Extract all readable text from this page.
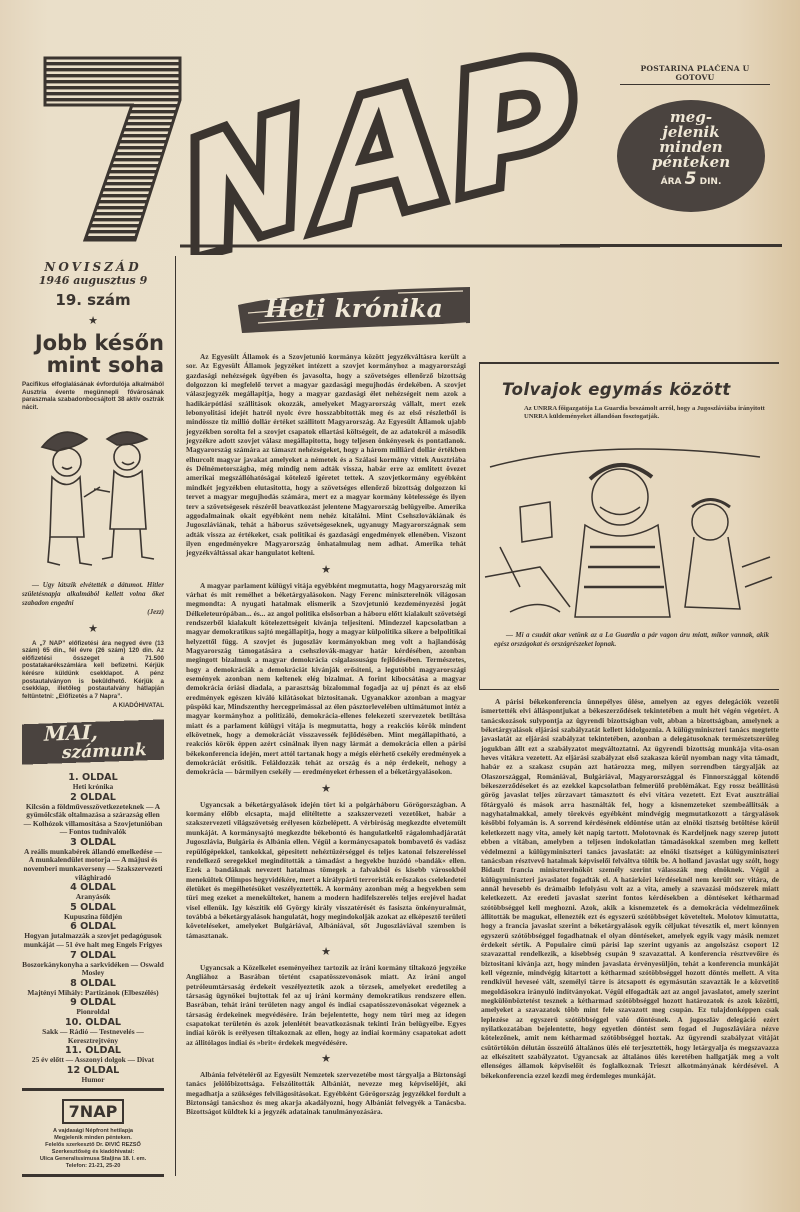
POSTARINA PLAĆENA U GOTOVU
meg-
jelenik
minden
pénteken
ÁRA 5 DIN.
NOVISZÁD
1946 augusztus 9
19. szám
★
Jobb későn mint soha
Pacifikus elfoglalásának évfordulója alkalmából Ausztria évente megünnepli fővárosának paraszmala szabadonbocsájtott 38 aktív osztrák nácit.
— Ugy látszik elvétették a dátumot. Hitler születésnapja alkalmából kellett volna őket szabadon engedni
(Jezz)
★
A „7 NAP” előfizetési ára negyed évre (13 szám) 65 din., fél évre (26 szám) 120 din. Az előfizetési összeget a 71.500 postatakarékszámlára kell befizetni. Kérjük kérésre küldünk csekklapot. A pénz postautalványon is beküldhető. Kérjük a csekklap, illetőleg postautalvány hátlapján feltüntetni: „Előfizetés a 7 Napra”.
A KIADÓHIVATAL
MAI,
számunk
1. OLDAL
Heti krónika
2 OLDAL
Kilcsön a földművesszövetkezeteknek — A gyümölcsfák oltalmazása a szárazság ellen — Kolhózok villamosítása a Szovjetunióban — Fontos tudnivalók
3 OLDAL
A reális munkabérek állandó emelkedése — A munkalendület motorja — A májusi és novemberi munkaverseny — Szakszervezeti világhiradó
4 OLDAL
Aranyásók
5 OLDAL
Kupuszina földjén
6 OLDAL
Hogyan jutalmazzák a szovjet pedagógusok munkáját — 51 éve halt meg Engels Frigyes
7 OLDAL
Boszorkánykonyha a sarkvidéken — Oswald Mosley
8 OLDAL
Majtényi Mihály: Partizánok (Elbeszélés)
9 OLDAL
Pionroldal
10. OLDAL
Sakk — Rádió — Testnevelés — Keresztrejtvény
11. OLDAL
25 év előtt — Asszonyi dolgok — Divat
12 OLDAL
Humor
7NAP

A vajdasági Népfront hetilapja

Megjelenik minden pénteken.

Felelős szerkesztő Dr. ĐIVIĆ REZSŐ

Szerkesztőség és kiadóhivatal:

Ulica Generalissimusa Staljina 18. I. em.

Telefon: 21-21, 25-20

Heti krónika
Az Egyesült Államok és a Szovjetunió kormánya között jegyzékváltásra került a sor. Az Egyesült Államok jegyzéket intézett a szovjet kormányhoz a magyarországi gazdasági nehézségek ügyében és javasolta, hogy a szövetséges ellenőrző bizottság dolgozzon ki megfelelő tervet a magyar gazdasági megujhodás érdekében. A szovjet válaszjegyzék megállapitja, hogy a magyar gazdasági élet nehézségeit nem azok a hadikárpótlási szállitások okozzák, amelyeket Magyarország vállalt, mert ezek lebonyolitási idejét hatról nyolc évre hosszabbitották meg és az első részletből is mindössze tiz millió dollár értéket szállitott Magyarország. Az Egyesült Államok ujabb jegyzékben sorolta fel a szovjet csapatok ellartási költségeit, de az adatokról a második jegyzékre adott szovjet válasz megállapitotta, hogy teljesen önkényesek és pontatlanok. Magyarország számára az támaszt nehézségeket, hogy a három milliárd dollár értékben elhurcolt magyar javakat amelyeket a németek és a Szálasi kormány vittek Ausztriába és Délnémetországba, még mindig nem adták vissza, habár erre az emlitett övezet amerikai megszállóhatóságai kötelező igéretet tettek. A szovjetkormány egyébként mindkét jegyzékben elutasitotta, hogy a szövetséges ellenőrző bizottság dolgozzon ki tervet a magyar megujhodás számára, mert ez a magyar kormány kötelessége és ilyen terv a szövetségesek részéről beavatkozást jelentene Magyarország belügyeibe. Amerika aggodalmainak okait egyébként nem nehéz kitalálni. Mint Csehszlovákiának és Jugoszláviának, tehát a háborus szövetségeseknek, ugyanugy Magyarországnak sem adták vissza az értékeket, csak politikai és gazdasági engedmények ellenében. Viszont ilyen engedményekre Magyarország önhatalmulag nem adhat. Amerika tehát jegyzékváltással akar hangulatot kelteni.
★
A magyar parlament külügyi vitája egyébként megmutatta, hogy Magyarország mit várhat és mit remélhet a béketárgyalásokon. Nagy Ferenc miniszterelnök világosan megmondta: A nyugati hatalmak elismerik a Szovjetunió kezdeményezési jogát Délkeleteurópában... és... az angol politika elsősorban a háboru előtt kialakult szövetségi rendszerből kialakult kötelezettségeit kivánja teljesiteni. Mindezzel kapcsolatban a magyar demokratikus sajtó megállapitja, hogy a magyar külpolitika sikere a belpolitikai helyzettől függ. A szovjet és jugoszláv kormányokban meg volt a hajlandóság Magyarország támogatására a csehszlovák-magyar határ kérdésében, azonban megingott bizalmuk a magyar demokrácia csigalassuságu fejlődésében. Természetes, hogy a demokráciák a demokráciát kivánják erősiteni, a legutóbbi magyarországi események azonban nem keltenek elég bizalmat. A forint kibocsátása a magyar demokrácia óriási diadala, a parasztság bizalommal fogadja az uj pénzt és az első eredmények egészen kiváló kilátásokat biztositanak. Ugyanakkor azonban a magyar püspöki kar, Mindszenthy hercegprimással az élen pásztorlevelében ultimátumot intéz a magyar kormányhoz a politizáló, demokrácia-ellenes felekezeti szervezetek betiltása miatt és a parlament külügyi vitája is megmutatta, hogy a reakciós körök mindent elkövetnek, hogy a demokráciát visszavessék fejlődésében. Mint megállapitható, a reakciós körök éppen azért csinálnak ilyen nagy lármát a demokrácia ellen a párisi békekonferencia idején, mert attól tartanak hogy a mégis elérhető csekély eredmények a demokráciát erősitik. Feláldozzák tehát az ország és a nép érdekeit, nehogy a demokrácia — bármilyen csekély — eredményeket érhessen el a béketárgyalásokon.
★
Ugyancsak a béketárgyalások idején tört ki a polgárháboru Görögországban. A kormány előbb elcsapta, majd elitéltette a szakszervezeti vezetőket, habár a szakszervezeti világszövetség erélyesen közbelépett. A vérbiróság megkezdte elvetemült munkáját. A kormánysajtó megkezdte békebontó és hangulatkeltő rágalomhadjáratát Jugoszlávia, Bulgária és Albánia ellen. Végül a kormánycsapatok bombavető és vadász repülőgépekkel, tankokkal, gépesitett nehéztüzérséggel és teljes katonai felszereléssel rendelkező seregekkel megindították a támadást a hegyekbe huzódó »bandák« ellen. Ezek a bandáknak nevezett hatalmas tömegek a falvakból és kisebb városokból menekültek Olimpos hegyvidékére, mert a királypárti terroristák erőszakos cselekedetei életüket és megélhetésüket veszélyeztették. A kormány azonban még a hegyekben sem türi meg ezeket a menekülteket, hanem a modern hadifelszerelés teljes erejével hadat visel ellenük. Igy készitik elő György király visszatérését és fasiszta önkényuralmát, továbbá a béketárgyalások hangulatát, hogy megindokolják azokat az elképesztő területi követeléseket, amelyeket Bulgáriával, Albániával, sőt Jugoszláviával szemben is támasztanak.
★
Ugyancsak a Közelkelet eseményeihez tartozik az iráni kormány tiltakozó jegyzéke Angliához a Basrában történt csapatösszevonások miatt. Az iráni angol petróleumtársaság érdekeit veszélyeztetik azok a törzsek, amelyeket eredetileg a társaság ügynökei bujtottak fel az uj iráni kormány demokratikus rendszere ellen. Basrában, tehát iráni területen nagy angol és indiai csapatösszevonásokat végeznek a társaság érdekeinek megvédésére. Irán bejelentette, hogy nem türi meg az idegen csapatokat területén és azok jelenlétét beavatkozásnak tekinti Irán belügyeibe. Egyes indiai körök is erélyesen tiltakoznak az ellen, hogy az indiai kormány csapatokat adott az állitólagos indiai és »brit« érdekek megvédésére.
★
Albánia felvételéről az Egyesült Nemzetek szervezetébe most tárgyalja a Biztonsági tanács jelölőbizottsága. Felszólitották Albániát, nevezze meg képviselőjét, aki megadhatja a szükséges felvilágositásokat. Egyébként Görögország jegyzékkel fordult a Biztonsági tanácshoz és meg akarja akadályozni, hogy Albániát felvegyék a Tanácsba. Bizottságot küldtek ki a jegyzék adatainak tanulmányozására.
Tolvajok egymás között
Az UNRRA főigazgatója La Guardia beszámolt arról, hogy a Jugoszláviába irányitott UNRRA küldeményeket állandóan fosztogatják.
— Mi a csudát akar vetünk az a La Guardia a pár vagon áru miatt, mikor vannak, akik egész országokat és országrészeket lopnak.
A párisi békekonferencia ünnepélyes ülése, amelyen az egyes delegációk vezetői ismertették elvi álláspontjukat a békeszerződések tekintetében a mult hét végén végetért. A tanácskozások sulypontja az ügyrendi bizottságban volt, abban a bizottságban, amelynek a béketárgyalások eljárási szabályzatát kellett kidolgoznia. A külügyminiszteri tanács megtette javaslatát az eljárási szabályzat tekintetében, azonban a delegátusoknak természetszerüleg jogukban állt ezt a szabályzatot megváltoztatni. Az ügyrendi bizottság munkája vita-osan heves vitákra vezetett. Az eljárási szabályzat első szakasza körül nyomban nagy vita támadt, habár ez a szakasz csupán azt határozza meg, milyen sorrendben tárgyalják az Olaszországgal, Romániával, Bulgáriával, Magyarországgal és Finnországgal kötendő békeszerződéseket és az ezekkel kapcsolatban felmerülő problémákat. Egy rossz beállitású görög javaslat teljes zürzavart támasztott és elvi vitára vezetett. Ezt Evat ausztráliai főtárgyaló és mások arra használták fel, hogy a kisnemzeteket szembeállitsák a nagyhatalmakkal, amely törekvés egyébként mindvégig megmutatkozott a tárgyalások későbbi folyamán is. A sorrend kérdésének eldöntése után az elnöki tisztség betöltése körül keletkezett nagy vita, amely két napig tartott. Molotovnak és Kardeljnek nagy szerep jutott ebben a vitában, amelyben a teljesen indokolatlan támadásokkal szemben meg kellett védelmezni a külügyminiszteri tanács javaslatát: az elnöki tisztséget a külügyminiszteri tanácsban résztvevő hatalmak képviselői felváltva töltik be. A holland javaslat ugy szólt, hogy Bidault francia miniszterelnököt személy szerint válasszák meg elnöknek. Végül a külügyminiszteri javaslatot fogadták el. A határköri kérdéseknél nem került sor vitára, de annál hevesebb és drámaibb lefolyásu volt az a vita, amely a szavazási módszerek miatt keletkezett. Az eredeti javaslat szerint fontos kérdésekben a döntéseket kétharmad szótöbbséggel kell meghozni. Azok, akik a kisnemzetek és a demokrácia védelmezőinek állitották be magukat, ellenezték ezt és egyszerü szótöbbséget követeltek. Molotov kimutatta, hogy a francia javaslat szerint a béketárgyalások egyik céljukat tévesztik el, mert könnyen egyszerü szótöbbséggel fogadhatnak el olyan döntéseket, amelyek egyik vagy másik nemzet érdekeit sértik. A Populaire cimü párisi lap szerint ugyanis az angolszász csoport 12 szavazattal rendelkezik, a kisebbség csupán 9 szavazattal. A konferencia résztvevőire és biztositani kivánja azt, hogy minden javaslata érvényesüljön, tehát a konferencia munkáját kell végeznie, mindvégig kitartott a kétharmad szótöbbséggel hozott döntés mellett. A vita rendkivül heveseé vált, személyi tárre is átcsapott és egymásután szavazták le a közvetitő megoldásokra irányuló indítványokat. Végül elfogadták azt az angol javaslatot, amely szerint megkülönböztetést tesznek a kétharmad szótöbbséggel hozott határozatok és azok közötti, amelyeket a szavazatok több mint fele szavazott meg csupán. Ez tulajdonképpen csak leplezése az egyszerü szótöbbséggel való döntésnek. A jugoszláv delegáció ezért nyilatkozatában bejelentette, hogy egyetlen döntést sem fogad el Jugoszláviára nézve kötelezőnek, amit nem kétharmad szótöbbséggel hoztak. Az ügyrendi szabályzat vitáját csütörtökön délután összeülő általános ülés elé terjesztették, hogy letárgyalja és megszavazza az elkészitett szabályzatot. Ugyancsak az általános ülés keretében hallgatják meg a volt ellenséges államok képviselőit és foglalkoznak Trieszt alkotmányának kérdésével. A békekonferencia ezzel kezdi meg érdemleges munkáját.
